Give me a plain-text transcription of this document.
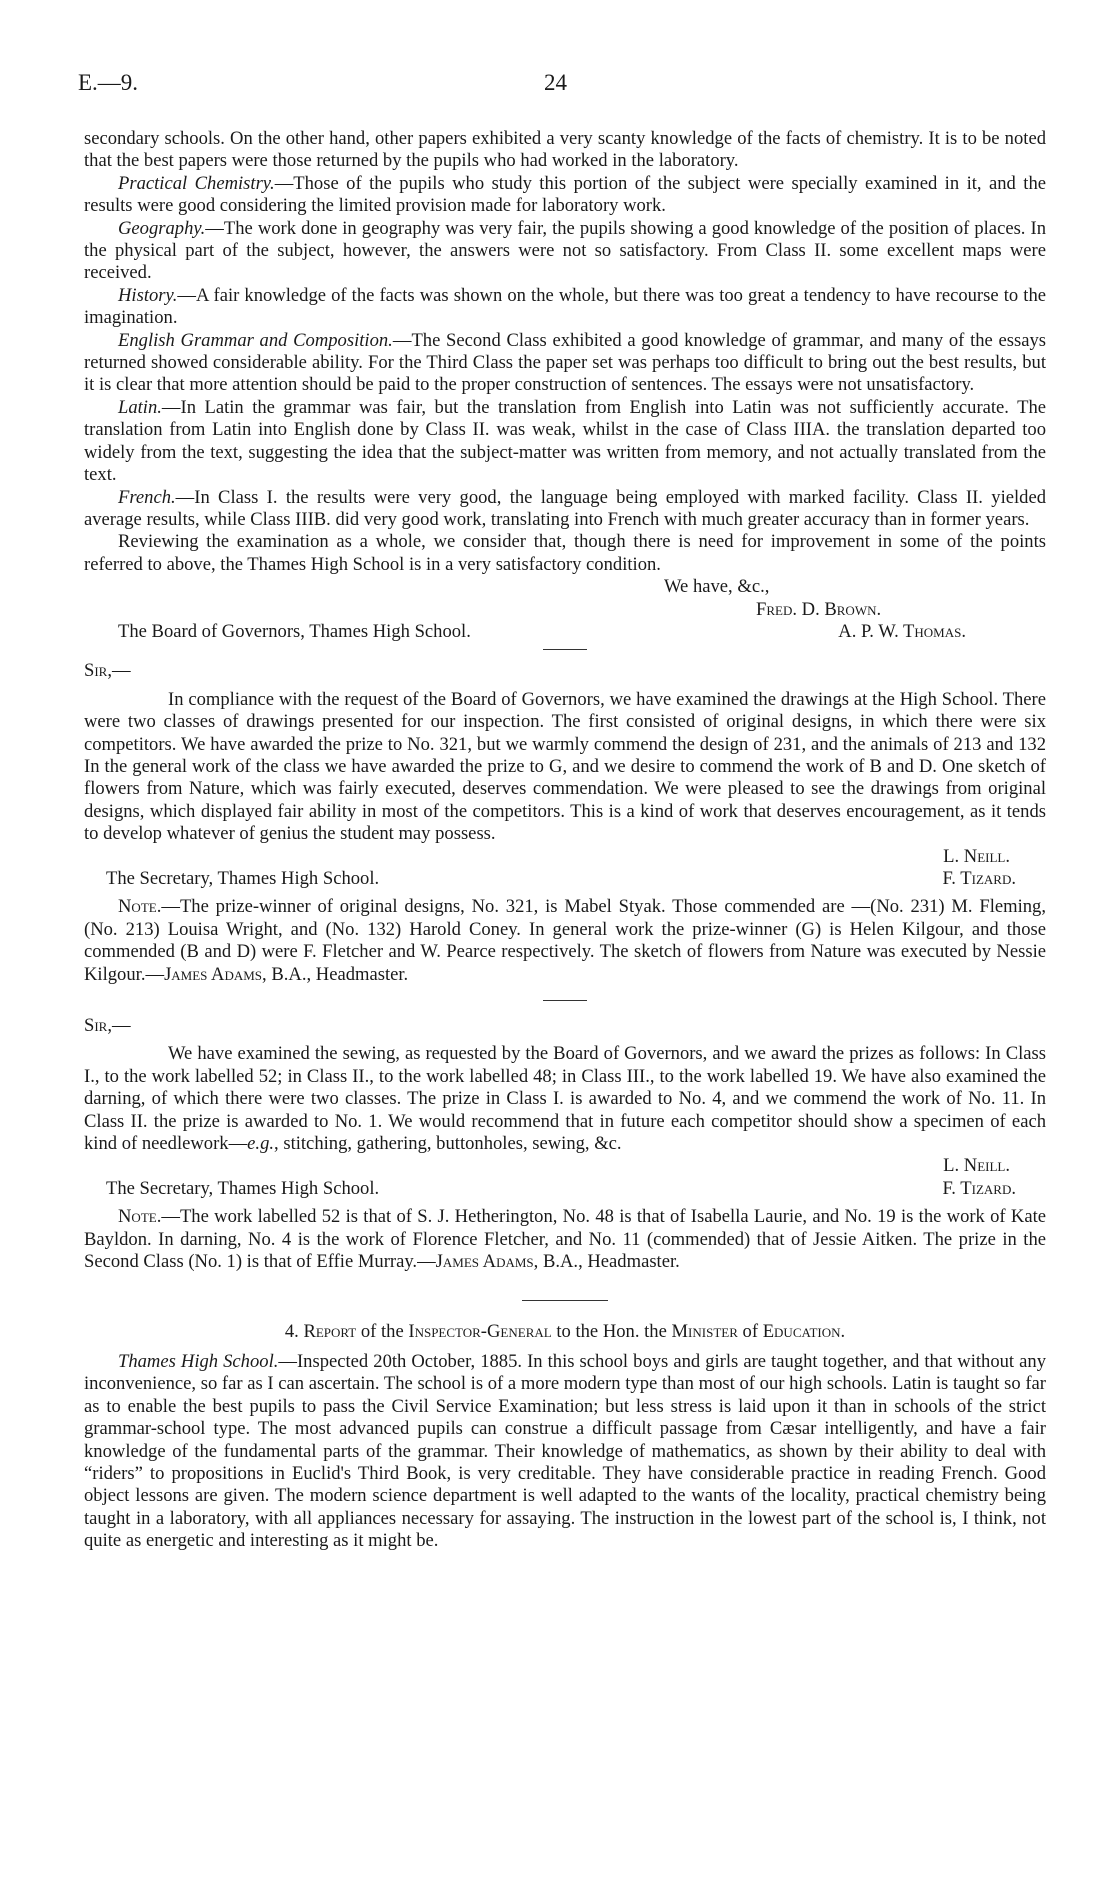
E.—9.	24

secondary schools. On the other hand, other papers exhibited a very scanty knowledge of the facts of chemistry. It is to be noted that the best papers were those returned by the pupils who had worked in the laboratory.

Practical Chemistry.—Those of the pupils who study this portion of the subject were specially examined in it, and the results were good considering the limited provision made for laboratory work.

Geography.—The work done in geography was very fair, the pupils showing a good knowledge of the position of places. In the physical part of the subject, however, the answers were not so satisfactory. From Class II. some excellent maps were received.

History.—A fair knowledge of the facts was shown on the whole, but there was too great a tendency to have recourse to the imagination.

English Grammar and Composition.—The Second Class exhibited a good knowledge of grammar, and many of the essays returned showed considerable ability. For the Third Class the paper set was perhaps too difficult to bring out the best results, but it is clear that more attention should be paid to the proper construction of sentences. The essays were not unsatisfactory.

Latin.—In Latin the grammar was fair, but the translation from English into Latin was not sufficiently accurate. The translation from Latin into English done by Class II. was weak, whilst in the case of Class IIIA. the translation departed too widely from the text, suggesting the idea that the subject-matter was written from memory, and not actually translated from the text.

French.—In Class I. the results were very good, the language being employed with marked facility. Class II. yielded average results, while Class IIIB. did very good work, translating into French with much greater accuracy than in former years.

Reviewing the examination as a whole, we consider that, though there is need for improvement in some of the points referred to above, the Thames High School is in a very satisfactory condition.

We have, &c.,
Fred. D. Brown.
The Board of Governors, Thames High School.	A. P. W. Thomas.

Sir,—

In compliance with the request of the Board of Governors, we have examined the drawings at the High School. There were two classes of drawings presented for our inspection. The first consisted of original designs, in which there were six competitors. We have awarded the prize to No. 321, but we warmly commend the design of 231, and the animals of 213 and 132 In the general work of the class we have awarded the prize to G, and we desire to commend the work of B and D. One sketch of flowers from Nature, which was fairly executed, deserves commendation. We were pleased to see the drawings from original designs, which displayed fair ability in most of the competitors. This is a kind of work that deserves encouragement, as it tends to develop whatever of genius the student may possess.

L. Neill.
The Secretary, Thames High School.	F. Tizard.

Note.—The prize-winner of original designs, No. 321, is Mabel Styak. Those commended are —(No. 231) M. Fleming, (No. 213) Louisa Wright, and (No. 132) Harold Coney. In general work the prize-winner (G) is Helen Kilgour, and those commended (B and D) were F. Fletcher and W. Pearce respectively. The sketch of flowers from Nature was executed by Nessie Kilgour.—James Adams, B.A., Headmaster.

Sir,—

We have examined the sewing, as requested by the Board of Governors, and we award the prizes as follows: In Class I., to the work labelled 52; in Class II., to the work labelled 48; in Class III., to the work labelled 19. We have also examined the darning, of which there were two classes. The prize in Class I. is awarded to No. 4, and we commend the work of No. 11. In Class II. the prize is awarded to No. 1. We would recommend that in future each competitor should show a specimen of each kind of needlework—e.g., stitching, gathering, buttonholes, sewing, &c.

L. Neill.
The Secretary, Thames High School.	F. Tizard.

Note.—The work labelled 52 is that of S. J. Hetherington, No. 48 is that of Isabella Laurie, and No. 19 is the work of Kate Bayldon. In darning, No. 4 is the work of Florence Fletcher, and No. 11 (commended) that of Jessie Aitken. The prize in the Second Class (No. 1) is that of Effie Murray.—James Adams, B.A., Headmaster.

4. Report of the Inspector-General to the Hon. the Minister of Education.

Thames High School.—Inspected 20th October, 1885. In this school boys and girls are taught together, and that without any inconvenience, so far as I can ascertain. The school is of a more modern type than most of our high schools. Latin is taught so far as to enable the best pupils to pass the Civil Service Examination; but less stress is laid upon it than in schools of the strict grammar-school type. The most advanced pupils can construe a difficult passage from Cæsar intelligently, and have a fair knowledge of the fundamental parts of the grammar. Their knowledge of mathematics, as shown by their ability to deal with “riders” to propositions in Euclid's Third Book, is very creditable. They have considerable practice in reading French. Good object lessons are given. The modern science department is well adapted to the wants of the locality, practical chemistry being taught in a laboratory, with all appliances necessary for assaying. The instruction in the lowest part of the school is, I think, not quite as energetic and interesting as it might be.
